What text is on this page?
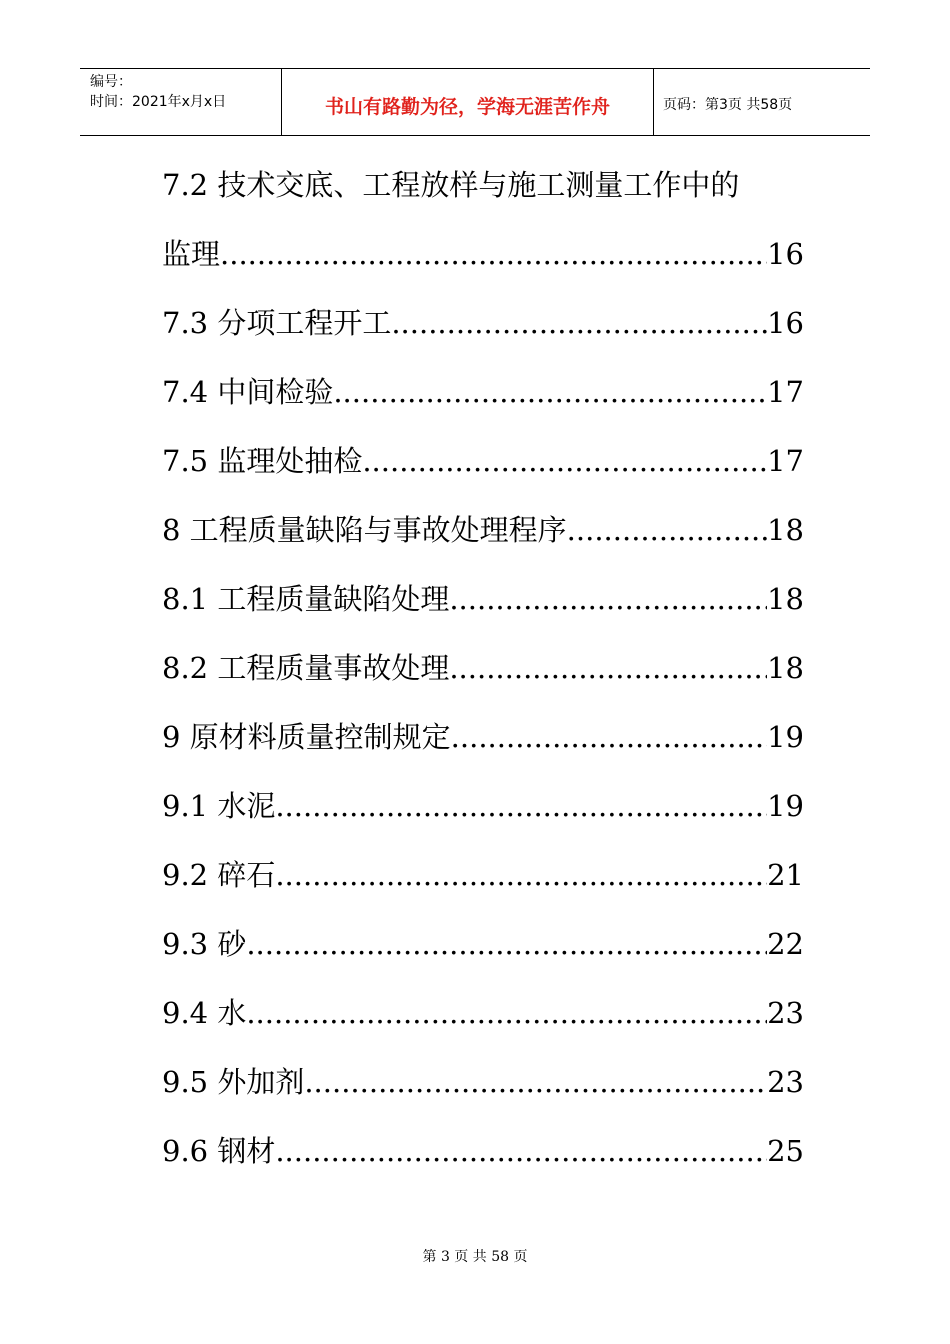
编号：
时间：2021年x月x日	书山有路勤为径，学海无涯苦作舟	页码：第3页 共58页
7.2 技术交底、工程放样与施工测量工作中的
监理 .....	16
7.3 分项工程开工 .....	16
7.4 中间检验 .....	17
7.5 监理处抽检 .....	17
8 工程质量缺陷与事故处理程序 .....	18
8.1 工程质量缺陷处理 .....	18
8.2 工程质量事故处理 .....	18
9 原材料质量控制规定 .....	19
9.1 水泥 .....	19
9.2 碎石 .....	21
9.3 砂 .....	22
9.4 水 .....	23
9.5 外加剂 .....	23
9.6 钢材 .....	25
第 3 页 共 58 页
